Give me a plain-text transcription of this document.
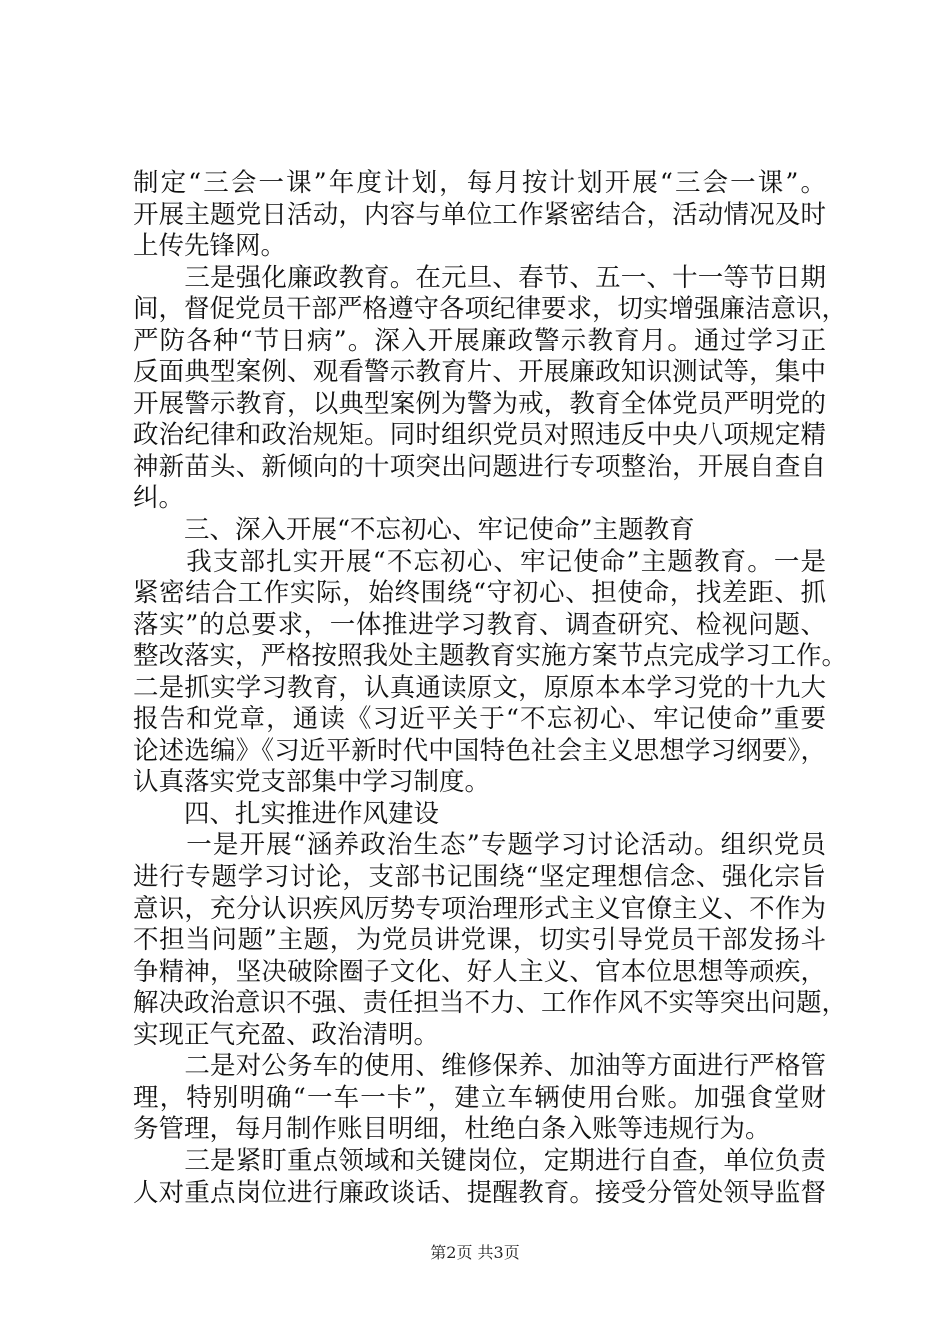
制定“三会一课”年度计划，每月按计划开展“三会一课”。
开展主题党日活动，内容与单位工作紧密结合，活动情况及时
上传先锋网。
　　三是强化廉政教育。在元旦、春节、五一、十一等节日期
间，督促党员干部严格遵守各项纪律要求，切实增强廉洁意识，
严防各种“节日病”。深入开展廉政警示教育月。通过学习正
反面典型案例、观看警示教育片、开展廉政知识测试等，集中
开展警示教育，以典型案例为警为戒，教育全体党员严明党的
政治纪律和政治规矩。同时组织党员对照违反中央八项规定精
神新苗头、新倾向的十项突出问题进行专项整治，开展自查自
纠。
　　三、深入开展“不忘初心、牢记使命”主题教育
　　我支部扎实开展“不忘初心、牢记使命”主题教育。一是
紧密结合工作实际，始终围绕“守初心、担使命，找差距、抓
落实”的总要求，一体推进学习教育、调查研究、检视问题、
整改落实，严格按照我处主题教育实施方案节点完成学习工作。
二是抓实学习教育，认真通读原文，原原本本学习党的十九大
报告和党章，通读《习近平关于“不忘初心、牢记使命”重要
论述选编》《习近平新时代中国特色社会主义思想学习纲要》，
认真落实党支部集中学习制度。
　　四、扎实推进作风建设
　　一是开展“涵养政治生态”专题学习讨论活动。组织党员
进行专题学习讨论，支部书记围绕“坚定理想信念、强化宗旨
意识，充分认识疾风厉势专项治理形式主义官僚主义、不作为
不担当问题”主题，为党员讲党课，切实引导党员干部发扬斗
争精神，坚决破除圈子文化、好人主义、官本位思想等顽疾，
解决政治意识不强、责任担当不力、工作作风不实等突出问题，
实现正气充盈、政治清明。
　　二是对公务车的使用、维修保养、加油等方面进行严格管
理，特别明确“一车一卡”，建立车辆使用台账。加强食堂财
务管理，每月制作账目明细，杜绝白条入账等违规行为。
　　三是紧盯重点领域和关键岗位，定期进行自查，单位负责
人对重点岗位进行廉政谈话、提醒教育。接受分管处领导监督
第2页 共3页
